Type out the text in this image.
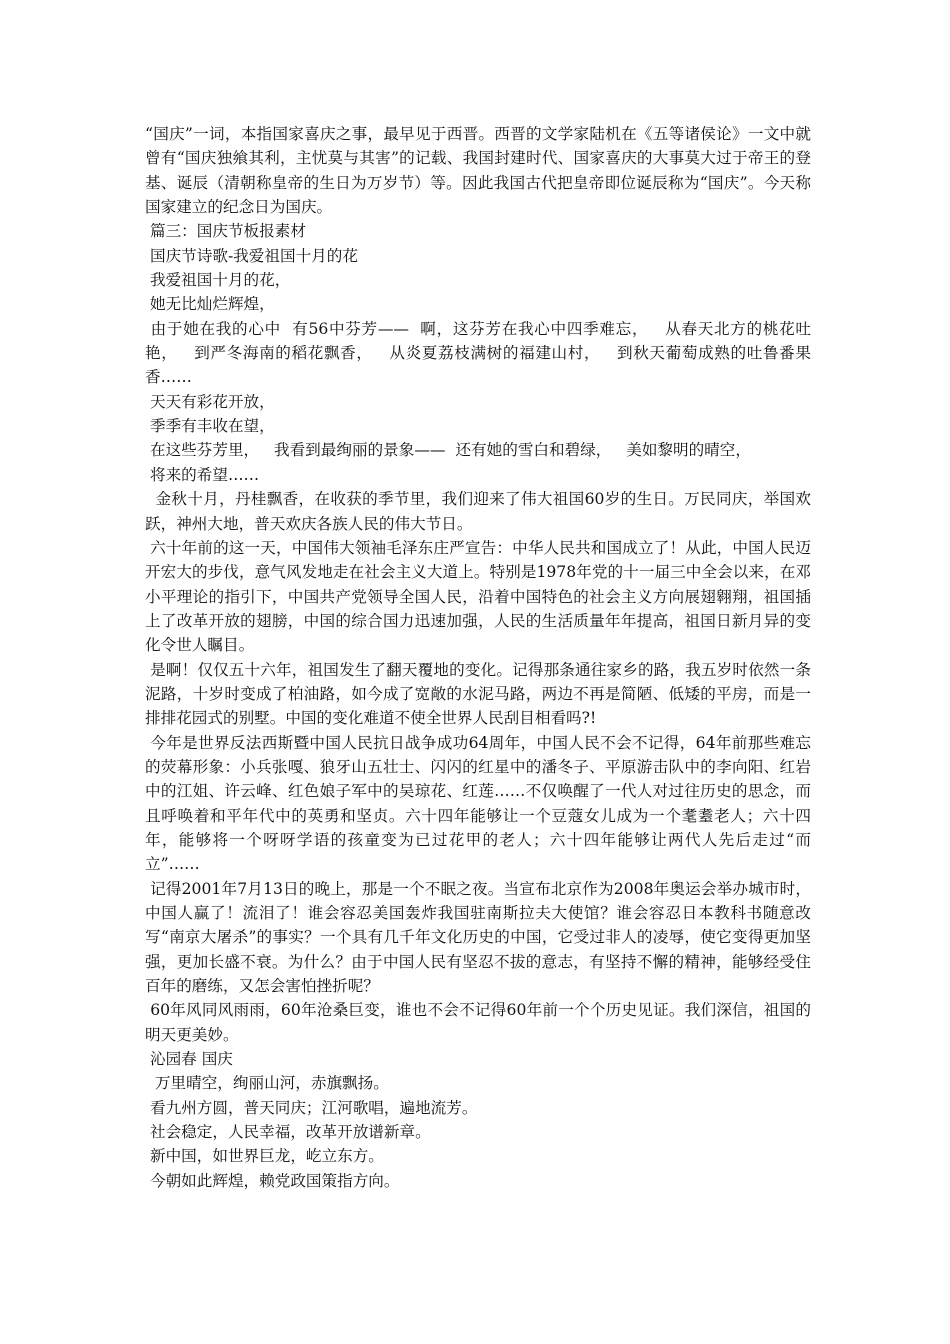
“国庆”一词，本指国家喜庆之事，最早见于西晋。西晋的文学家陆机在《五等诸侯论》一文中就曾有“国庆独飨其利，主忧莫与其害”的记载、我国封建时代、国家喜庆的大事莫大过于帝王的登基、诞辰（清朝称皇帝的生日为万岁节）等。因此我国古代把皇帝即位诞辰称为“国庆”。今天称国家建立的纪念日为国庆。

篇三：国庆节板报素材

国庆节诗歌-我爱祖国十月的花

我爱祖国十月的花，

她无比灿烂辉煌，

由于她在我的心中  有56中芬芳——  啊，这芬芳在我心中四季难忘，   从春天北方的桃花吐艳，   到严冬海南的稻花飘香，   从炎夏荔枝满树的福建山村，   到秋天葡萄成熟的吐鲁番果香……

天天有彩花开放，

季季有丰收在望，

在这些芬芳里，   我看到最绚丽的景象——  还有她的雪白和碧绿，   美如黎明的晴空，

将来的希望……

金秋十月，丹桂飘香，在收获的季节里，我们迎来了伟大祖国60岁的生日。万民同庆，举国欢跃，神州大地，普天欢庆各族人民的伟大节日。

六十年前的这一天，中国伟大领袖毛泽东庄严宣告：中华人民共和国成立了！从此，中国人民迈开宏大的步伐，意气风发地走在社会主义大道上。特别是1978年党的十一届三中全会以来，在邓小平理论的指引下，中国共产党领导全国人民，沿着中国特色的社会主义方向展翅翱翔，祖国插上了改革开放的翅膀，中国的综合国力迅速加强，人民的生活质量年年提高，祖国日新月异的变化令世人瞩目。

是啊！仅仅五十六年，祖国发生了翻天覆地的变化。记得那条通往家乡的路，我五岁时依然一条泥路，十岁时变成了柏油路，如今成了宽敞的水泥马路，两边不再是简陋、低矮的平房，而是一排排花园式的别墅。中国的变化难道不使全世界人民刮目相看吗?!

今年是世界反法西斯暨中国人民抗日战争成功64周年，中国人民不会不记得，64年前那些难忘的荧幕形象：小兵张嘎、狼牙山五壮士、闪闪的红星中的潘冬子、平原游击队中的李向阳、红岩中的江姐、许云峰、红色娘子军中的吴琼花、红莲……不仅唤醒了一代人对过往历史的思念，而且呼唤着和平年代中的英勇和坚贞。六十四年能够让一个豆蔻女儿成为一个耄耋老人；六十四年，能够将一个呀呀学语的孩童变为已过花甲的老人；六十四年能够让两代人先后走过“而立”……

记得2001年7月13日的晚上，那是一个不眠之夜。当宣布北京作为2008年奥运会举办城市时，中国人赢了！流泪了！谁会容忍美国轰炸我国驻南斯拉夫大使馆？谁会容忍日本教科书随意改写“南京大屠杀”的事实？一个具有几千年文化历史的中国，它受过非人的凌辱，使它变得更加坚强，更加长盛不衰。为什么？由于中国人民有坚忍不拔的意志，有坚持不懈的精神，能够经受住百年的磨练，又怎会害怕挫折呢？

60年风同风雨雨，60年沧桑巨变，谁也不会不记得60年前一个个历史见证。我们深信，祖国的明天更美妙。

沁园春 国庆

万里晴空，绚丽山河，赤旗飘扬。

看九州方圆，普天同庆；江河歌唱，遍地流芳。

社会稳定，人民幸福，改革开放谱新章。

新中国，如世界巨龙，屹立东方。

今朝如此辉煌，赖党政国策指方向。
